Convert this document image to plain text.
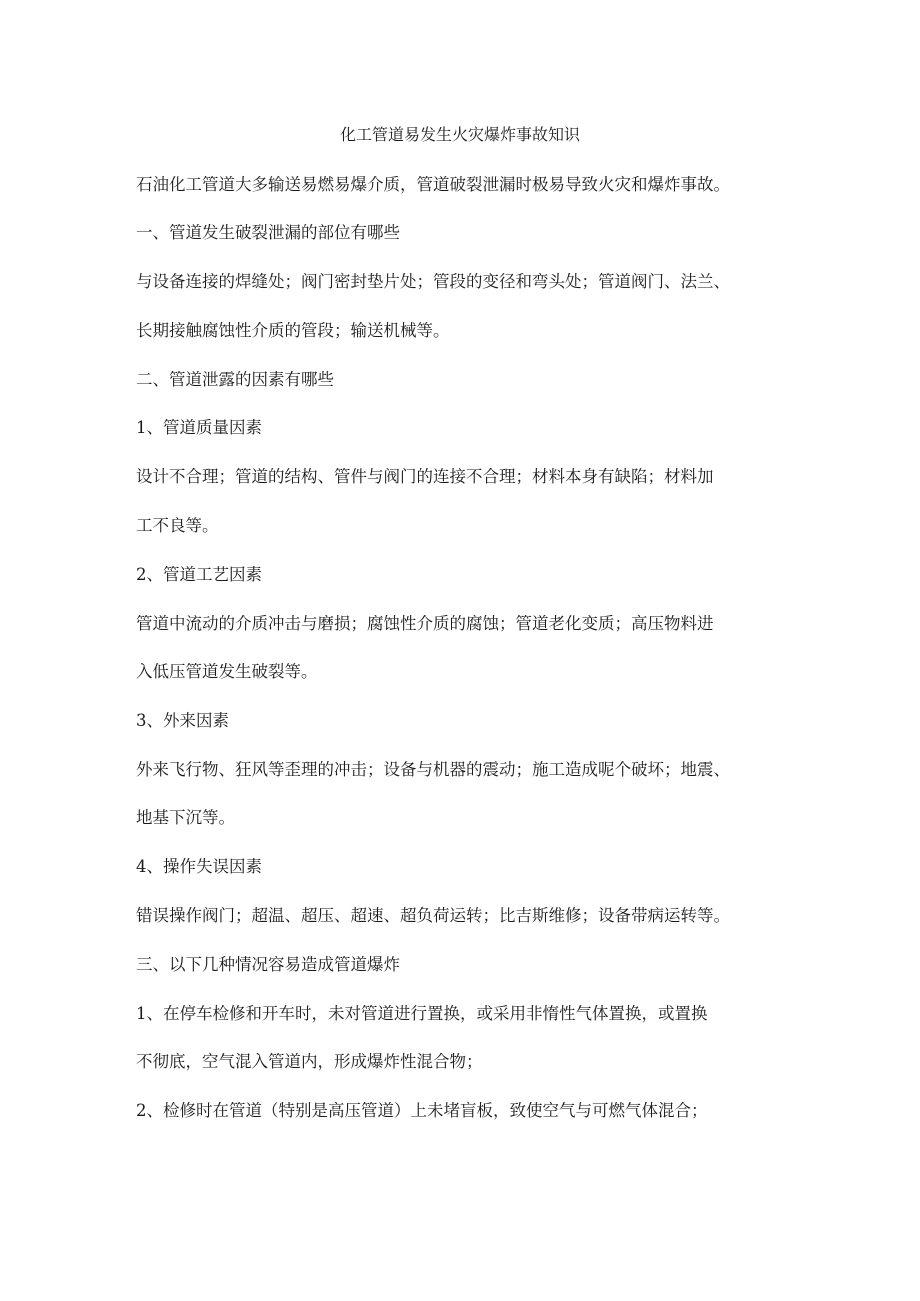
化工管道易发生火灾爆炸事故知识
石油化工管道大多输送易燃易爆介质，管道破裂泄漏时极易导致火灾和爆炸事故。
一、管道发生破裂泄漏的部位有哪些
与设备连接的焊缝处；阀门密封垫片处；管段的变径和弯头处；管道阀门、法兰、
长期接触腐蚀性介质的管段；输送机械等。
二、管道泄露的因素有哪些
1、管道质量因素
设计不合理；管道的结构、管件与阀门的连接不合理；材料本身有缺陷；材料加
工不良等。
2、管道工艺因素
管道中流动的介质冲击与磨损；腐蚀性介质的腐蚀；管道老化变质；高压物料进
入低压管道发生破裂等。
3、外来因素
外来飞行物、狂风等歪理的冲击；设备与机器的震动；施工造成呢个破坏；地震、
地基下沉等。
4、操作失误因素
错误操作阀门；超温、超压、超速、超负荷运转；比吉斯维修；设备带病运转等。
三、以下几种情况容易造成管道爆炸
1、在停车检修和开车时，未对管道进行置换，或采用非惰性气体置换，或置换
不彻底，空气混入管道内，形成爆炸性混合物；
2、检修时在管道（特别是高压管道）上未堵盲板，致使空气与可燃气体混合；
